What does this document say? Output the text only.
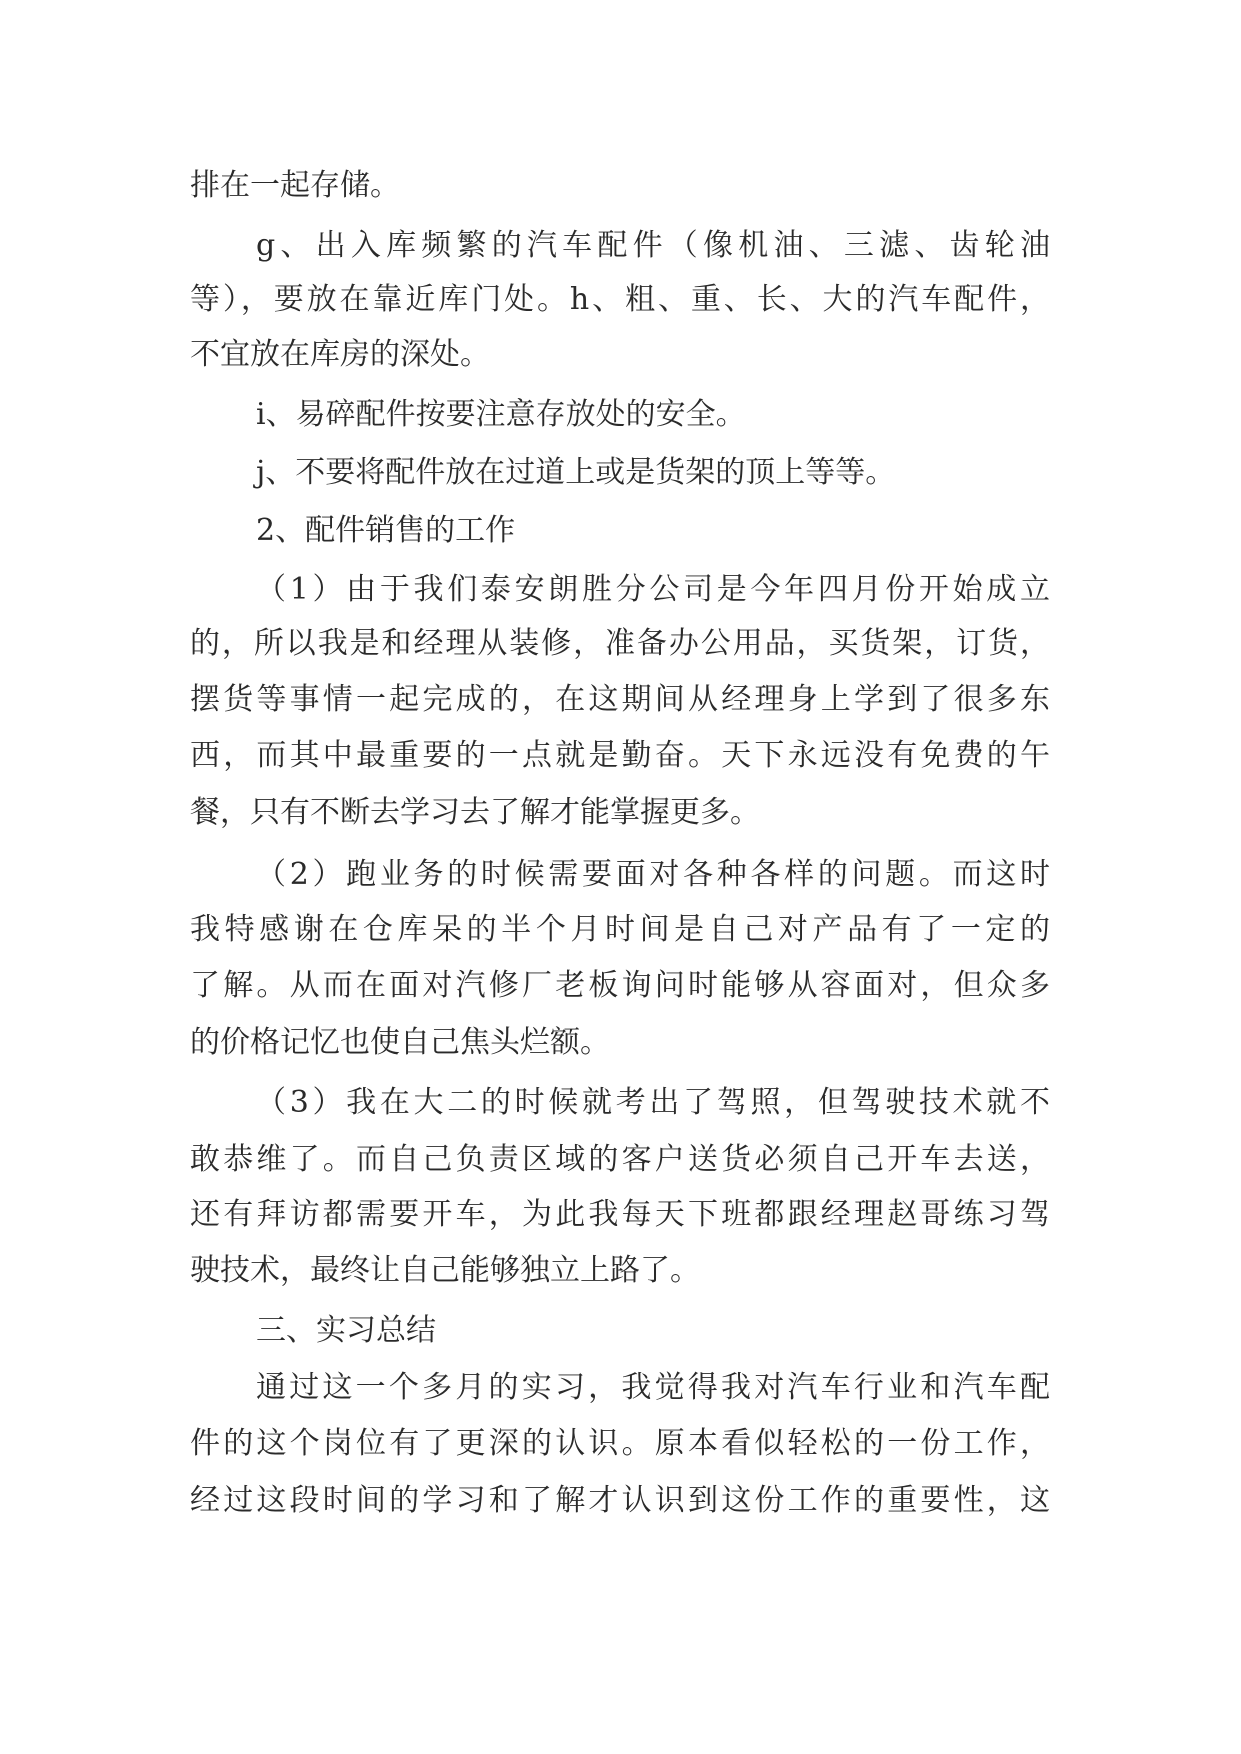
排在一起存储。
g、出入库频繁的汽车配件（像机油、三滤、齿轮油
等），要放在靠近库门处。h、粗、重、长、大的汽车配件，
不宜放在库房的深处。
i、易碎配件按要注意存放处的安全。
j、不要将配件放在过道上或是货架的顶上等等。
2、配件销售的工作
（1）由于我们泰安朗胜分公司是今年四月份开始成立
的，所以我是和经理从装修，准备办公用品，买货架，订货，
摆货等事情一起完成的，在这期间从经理身上学到了很多东
西，而其中最重要的一点就是勤奋。天下永远没有免费的午
餐，只有不断去学习去了解才能掌握更多。
（2）跑业务的时候需要面对各种各样的问题。而这时
我特感谢在仓库呆的半个月时间是自己对产品有了一定的
了解。从而在面对汽修厂老板询问时能够从容面对，但众多
的价格记忆也使自己焦头烂额。
（3）我在大二的时候就考出了驾照，但驾驶技术就不
敢恭维了。而自己负责区域的客户送货必须自己开车去送，
还有拜访都需要开车，为此我每天下班都跟经理赵哥练习驾
驶技术，最终让自己能够独立上路了。
三、实习总结
通过这一个多月的实习，我觉得我对汽车行业和汽车配
件的这个岗位有了更深的认识。原本看似轻松的一份工作，
经过这段时间的学习和了解才认识到这份工作的重要性，这
